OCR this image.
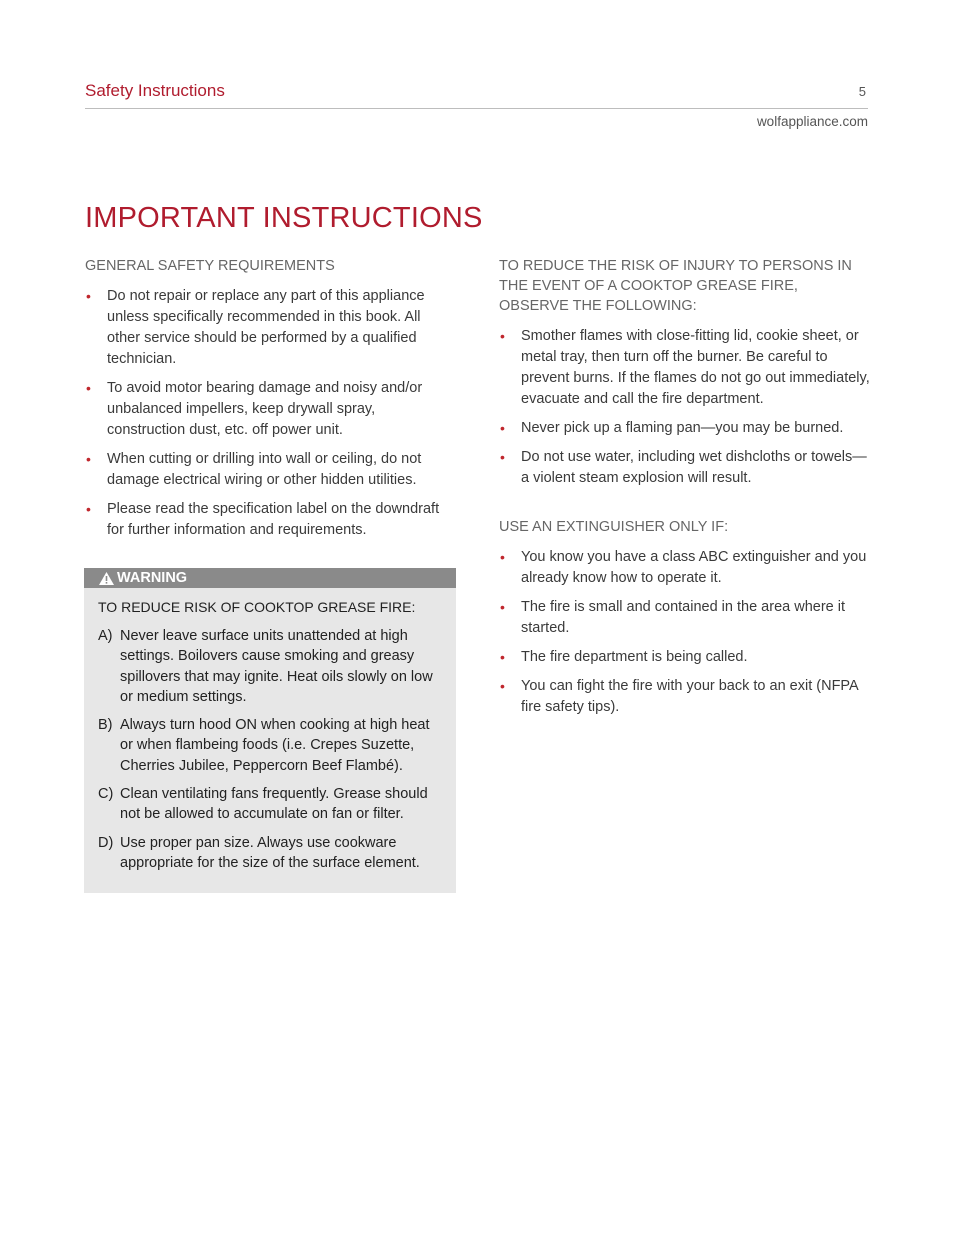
Safety Instructions	5
wolfappliance.com
IMPORTANT INSTRUCTIONS

GENERAL SAFETY REQUIREMENTS

• Do not repair or replace any part of this appliance unless specifically recommended in this book. All other service should be performed by a qualified technician.
• To avoid motor bearing damage and noisy and/or unbalanced impellers, keep drywall spray, construction dust, etc. off power unit.
• When cutting or drilling into wall or ceiling, do not damage electrical wiring or other hidden utilities.
• Please read the specification label on the downdraft for further information and requirements.
WARNING

TO REDUCE RISK OF COOKTOP GREASE FIRE:

A) Never leave surface units unattended at high settings. Boilovers cause smoking and greasy spillovers that may ignite. Heat oils slowly on low or medium settings.
B) Always turn hood ON when cooking at high heat or when flambeing foods (i.e. Crepes Suzette, Cherries Jubilee, Peppercorn Beef Flambé).
C) Clean ventilating fans frequently. Grease should not be allowed to accumulate on fan or filter.
D) Use proper pan size. Always use cookware appropriate for the size of the surface element.

TO REDUCE THE RISK OF INJURY TO PERSONS IN THE EVENT OF A COOKTOP GREASE FIRE, OBSERVE THE FOLLOWING:

• Smother flames with close-fitting lid, cookie sheet, or metal tray, then turn off the burner. Be careful to prevent burns. If the flames do not go out immediately, evacuate and call the fire department.
• Never pick up a flaming pan—you may be burned.
• Do not use water, including wet dishcloths or towels—a violent steam explosion will result.

USE AN EXTINGUISHER ONLY IF:

• You know you have a class ABC extinguisher and you already know how to operate it.
• The fire is small and contained in the area where it started.
• The fire department is being called.
• You can fight the fire with your back to an exit (NFPA fire safety tips).
